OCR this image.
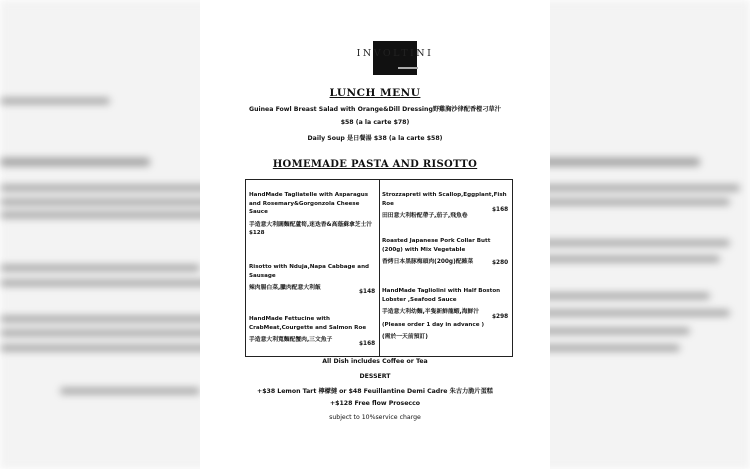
INVOLTINI
LUNCH MENU
Guinea Fowl Breast Salad with Orange&Dill Dressing野雞胸沙律配香橙刁草汁
$58 (a la carte $78)
Daily Soup 是日餐湯 $38 (a la carte $58)
HOMEMADE PASTA AND RISOTTO
HandMade Tagliatelle with Asparagus and Rosemary&Gorgonzola Cheese Sauce
手造意大利闊麵配蘆筍,迷迭香&高蔭蘇拿芝士汁
$128
Risotto with Nduja,Napa Cabbage and Sausage
辣肉腸白菜,臘肉配意大利飯
$148
HandMade Fettucine with CrabMeat,Courgette and Salmon Roe
手造意大利寬麵配蟹肉,三文魚子
$168
Strozzapreti with Scallop,Eggplant,Fish Roe
田田意大利粉配帶子,茄子,飛魚卷
$168
Roasted Japanese Pork Collar Butt (200g) with Mix Vegetable
香烤日本黑豚梅頭肉(200g)配雜菜	$280
HandMade Tagliolini with Half Boston Lobster ,Seafood Sauce
手造意大利幼麵,半隻新鮮龍蝦,海鮮汁
(Please order 1 day in advance )
(需於一天前預訂)
$298
All Dish includes Coffee or Tea
DESSERT
+$38 Lemon Tart 檸檬撻 or $48 Feuillantine Demi Cadre 朱古力脆片蛋糕
+$128 Free flow Prosecco
subject to 10%service charge
